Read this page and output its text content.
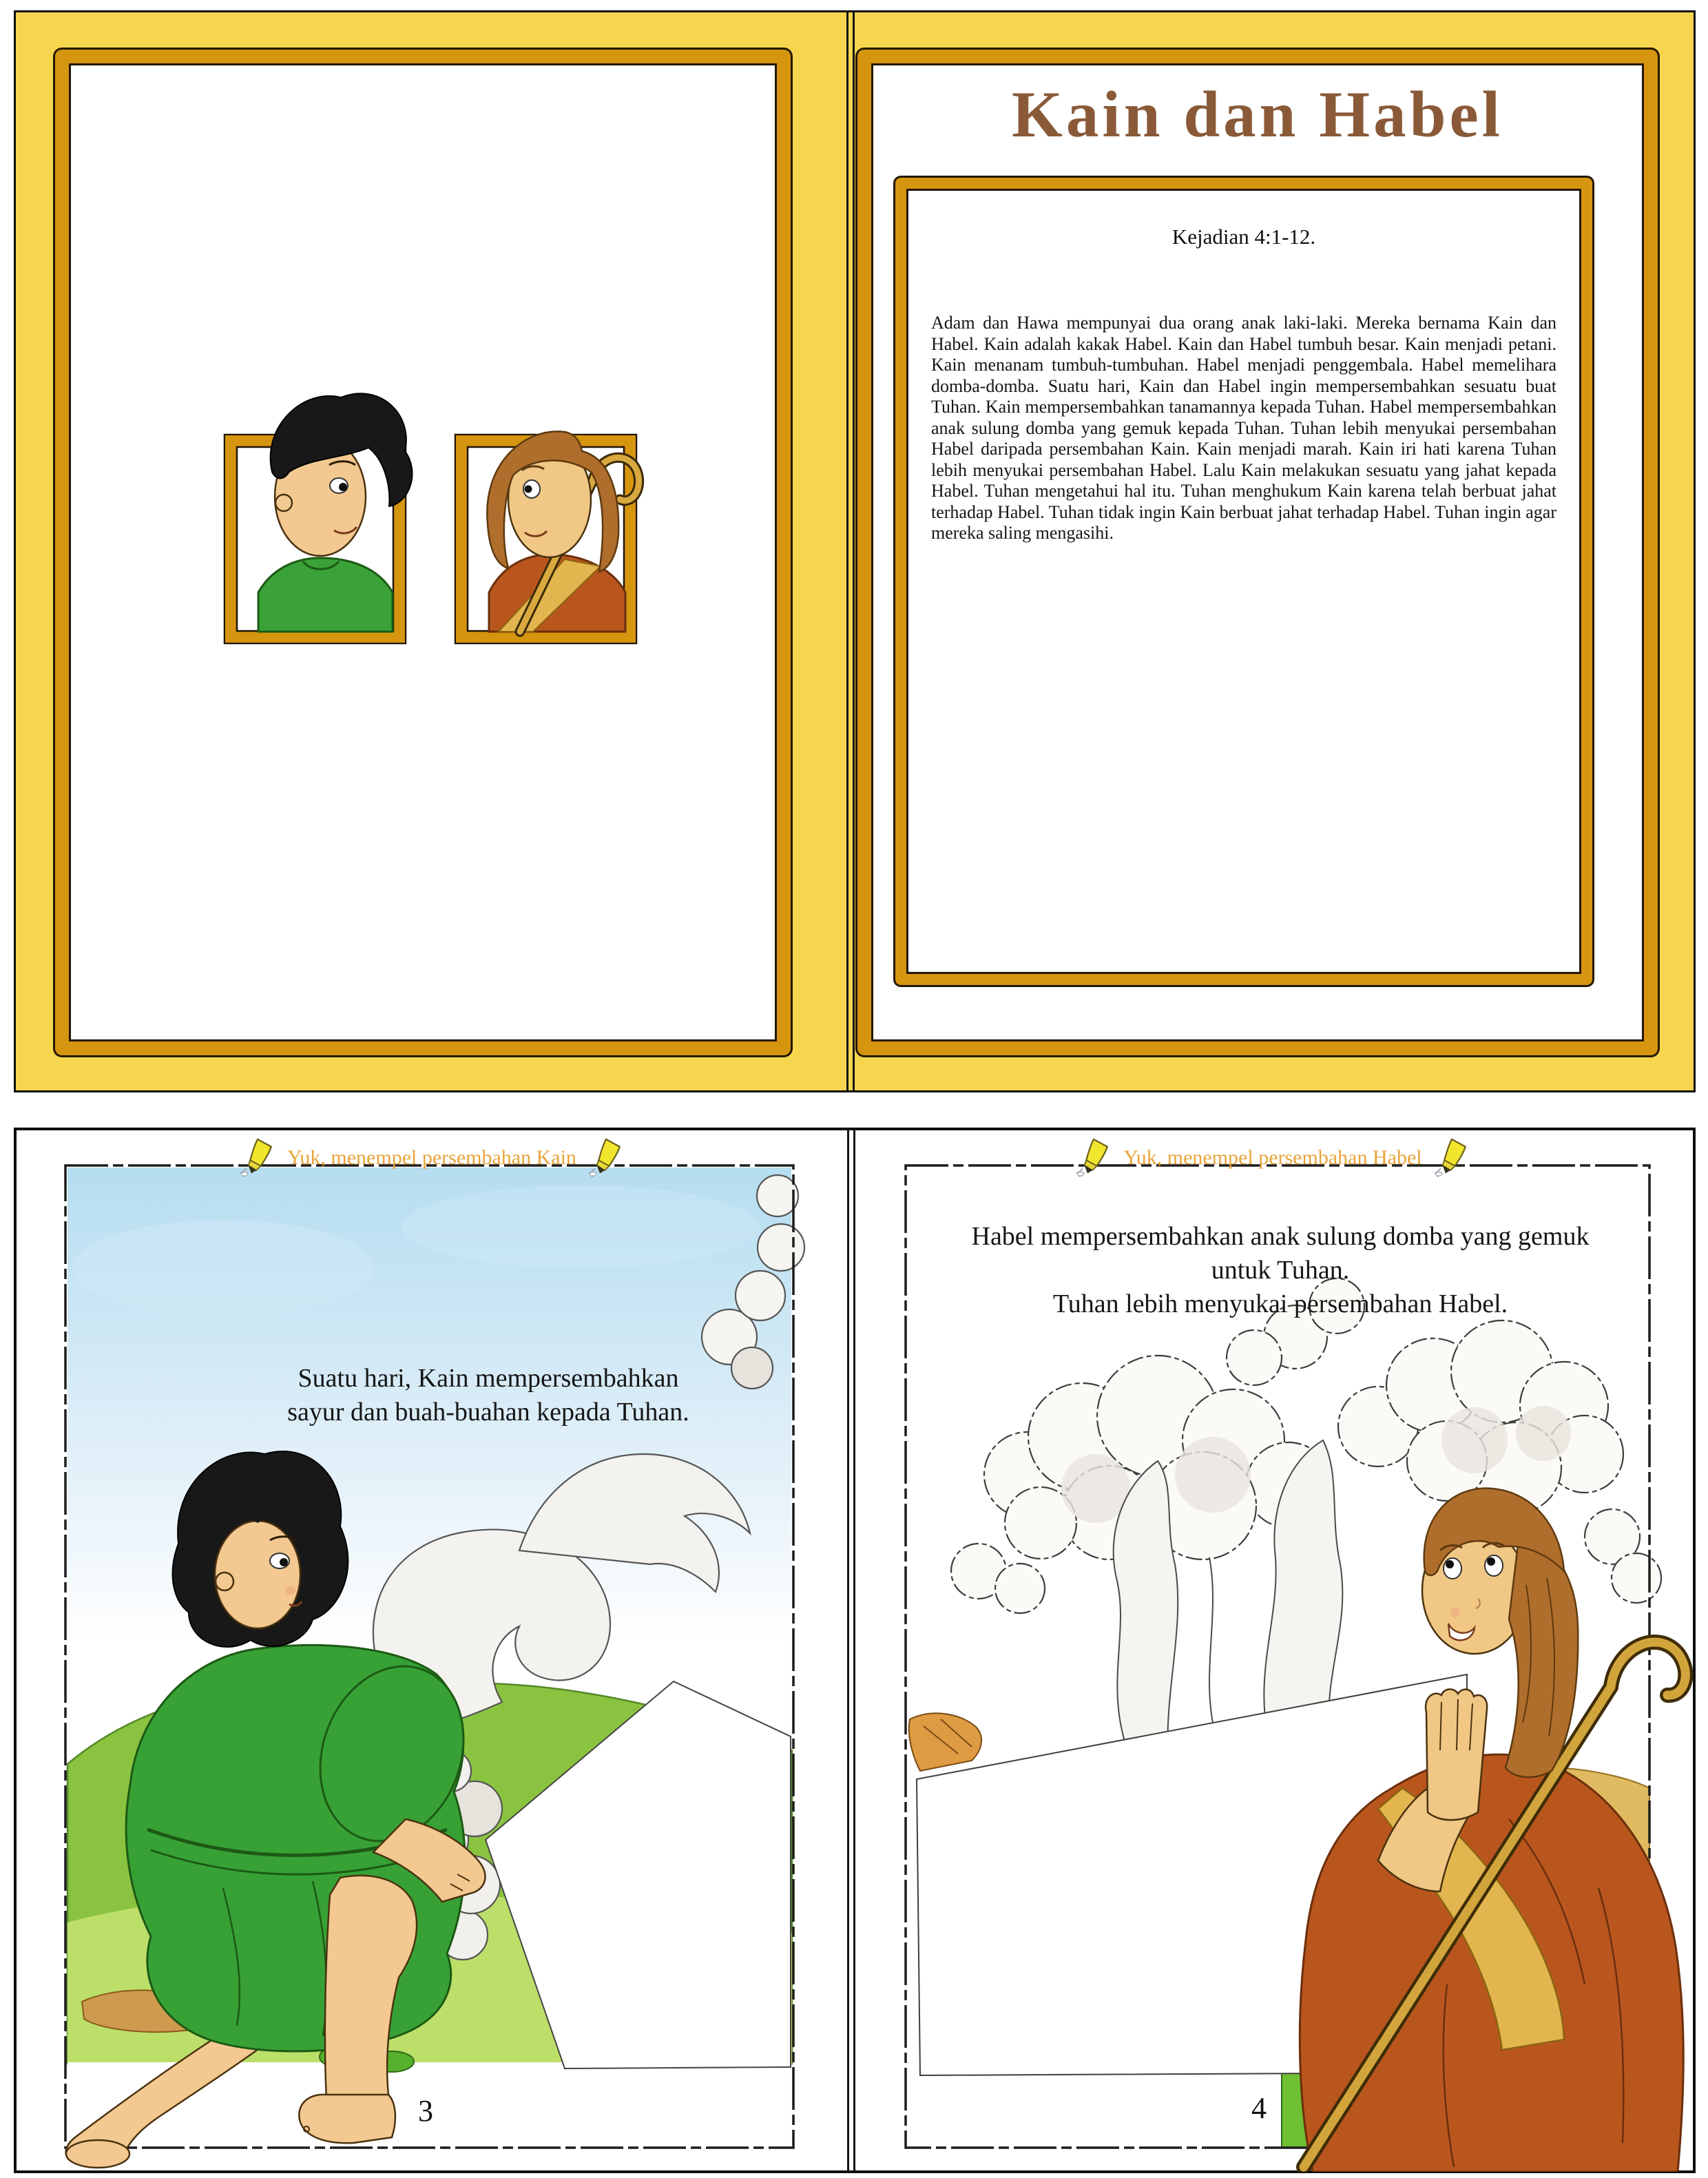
Kain dan Habel

Kejadian 4:1-12.

Adam dan Hawa mempunyai dua orang anak laki-laki. Mereka bernama Kain dan Habel. Kain adalah kakak Habel. Kain dan Habel tumbuh besar. Kain menjadi petani. Kain menanam tumbuh-tumbuhan. Habel menjadi penggembala. Habel memelihara domba-domba. Suatu hari, Kain dan Habel ingin mempersembahkan sesuatu buat Tuhan. Kain mempersembahkan tanamannya kepada Tuhan. Habel mempersembahkan anak sulung domba yang gemuk kepada Tuhan. Tuhan lebih menyukai persembahan Habel daripada persembahan Kain. Kain menjadi marah. Kain iri hati karena Tuhan lebih menyukai persembahan Habel. Lalu Kain melakukan sesuatu yang jahat kepada Habel. Tuhan mengetahui hal itu. Tuhan menghukum Kain karena telah berbuat jahat terhadap Habel. Tuhan tidak ingin Kain berbuat jahat terhadap Habel. Tuhan ingin agar mereka saling mengasihi.

Yuk, menempel persembahan Kain
Suatu hari, Kain mempersembahkan
sayur dan buah-buahan kepada Tuhan.
3
Yuk, menempel persembahan Habel
Habel mempersembahkan anak sulung domba yang gemuk
untuk Tuhan.
Tuhan lebih menyukai persembahan Habel.
4
